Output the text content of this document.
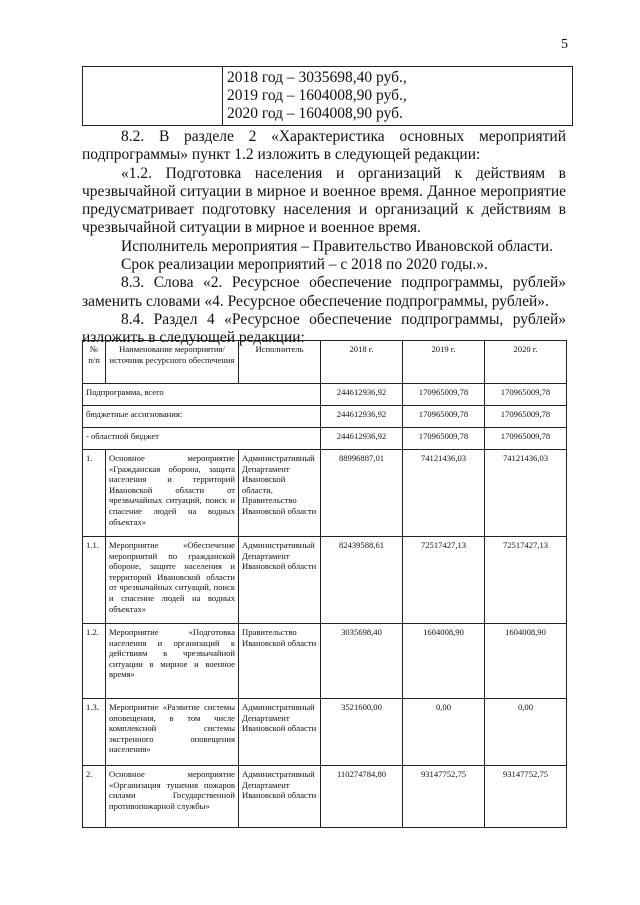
5

2018 год – 3035698,40 руб.,
2019 год – 1604008,90 руб.,
2020 год – 1604008,90 руб.

8.2. В разделе 2 «Характеристика основных мероприятий подпрограммы» пункт 1.2 изложить в следующей редакции:

«1.2. Подготовка населения и организаций к действиям в чрезвычайной ситуации в мирное и военное время. Данное мероприятие предусматривает подготовку населения и организаций к действиям в чрезвычайной ситуации в мирное и военное время.

Исполнитель мероприятия – Правительство Ивановской области.

Срок реализации мероприятий – с 2018 по 2020 годы.».

8.3. Слова «2. Ресурсное обеспечение подпрограммы, рублей» заменить словами «4. Ресурсное обеспечение подпрограммы, рублей».

8.4. Раздел 4 «Ресурсное обеспечение подпрограммы, рублей» изложить в следующей редакции:

№ п/п	Наименование мероприятия/источник ресурсного обеспечения	Исполнитель	2018 г.	2019 г.	2020 г.
Подпрограмма, всего			244612936,92	170965009,78	170965009,78
бюджетные ассигнования:			244612936,92	170965009,78	170965009,78
- областной бюджет			244612936,92	170965009,78	170965009,78
1.	Основное мероприятие «Гражданская оборона, защита населения и территорий Ивановской области от чрезвычайных ситуаций, поиск и спасение людей на водных объектах»	Административный Департамент Ивановской области, Правительство Ивановской области	88996887,01	74121436,03	74121436,03
1.1.	Мероприятие «Обеспечение мероприятий по гражданской обороне, защите населения и территорий Ивановской области от чрезвычайных ситуаций, поиск и спасение людей на водных объектах»	Административный Департамент Ивановской области	82439588,61	72517427,13	72517427,13
1.2.	Мероприятие «Подготовка населения и организаций к действиям в чрезвычайной ситуации в мирное и военное время»	Правительство Ивановской области	3035698,40	1604008,90	1604008,90
1.3.	Мероприятие «Развитие системы оповещения, в том числе комплексной системы экстренного оповещения населения»	Административный Департамент Ивановской области	3521600,00	0,00	0,00
2.	Основное мероприятие «Организация тушения пожаров силами Государственной противопожарной службы»	Административный Департамент Ивановской области	110274784,80	93147752,75	93147752,75
